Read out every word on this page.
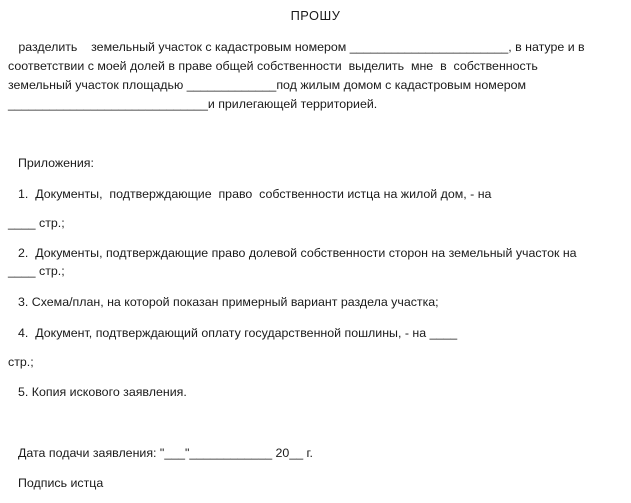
ПРОШУ
разделить    земельный участок с кадастровым номером _______________________, в натуре и в
соответствии с моей долей в праве общей собственности  выделить  мне  в  собственность
земельный участок площадью _____________под жилым домом с кадастровым номером
_____________________________и прилегающей территорией.
Приложения:
1.  Документы,  подтверждающие  право  собственности истца на жилой дом, - на
____ стр.;
2.  Документы, подтверждающие право долевой собственности сторон на земельный участок на
____ стр.;
3. Схема/план, на которой показан примерный вариант раздела участка;
4.  Документ, подтверждающий оплату государственной пошлины, - на ____
стр.;
5. Копия искового заявления.
Дата подачи заявления: "___"____________ 20__ г.
Подпись истца
